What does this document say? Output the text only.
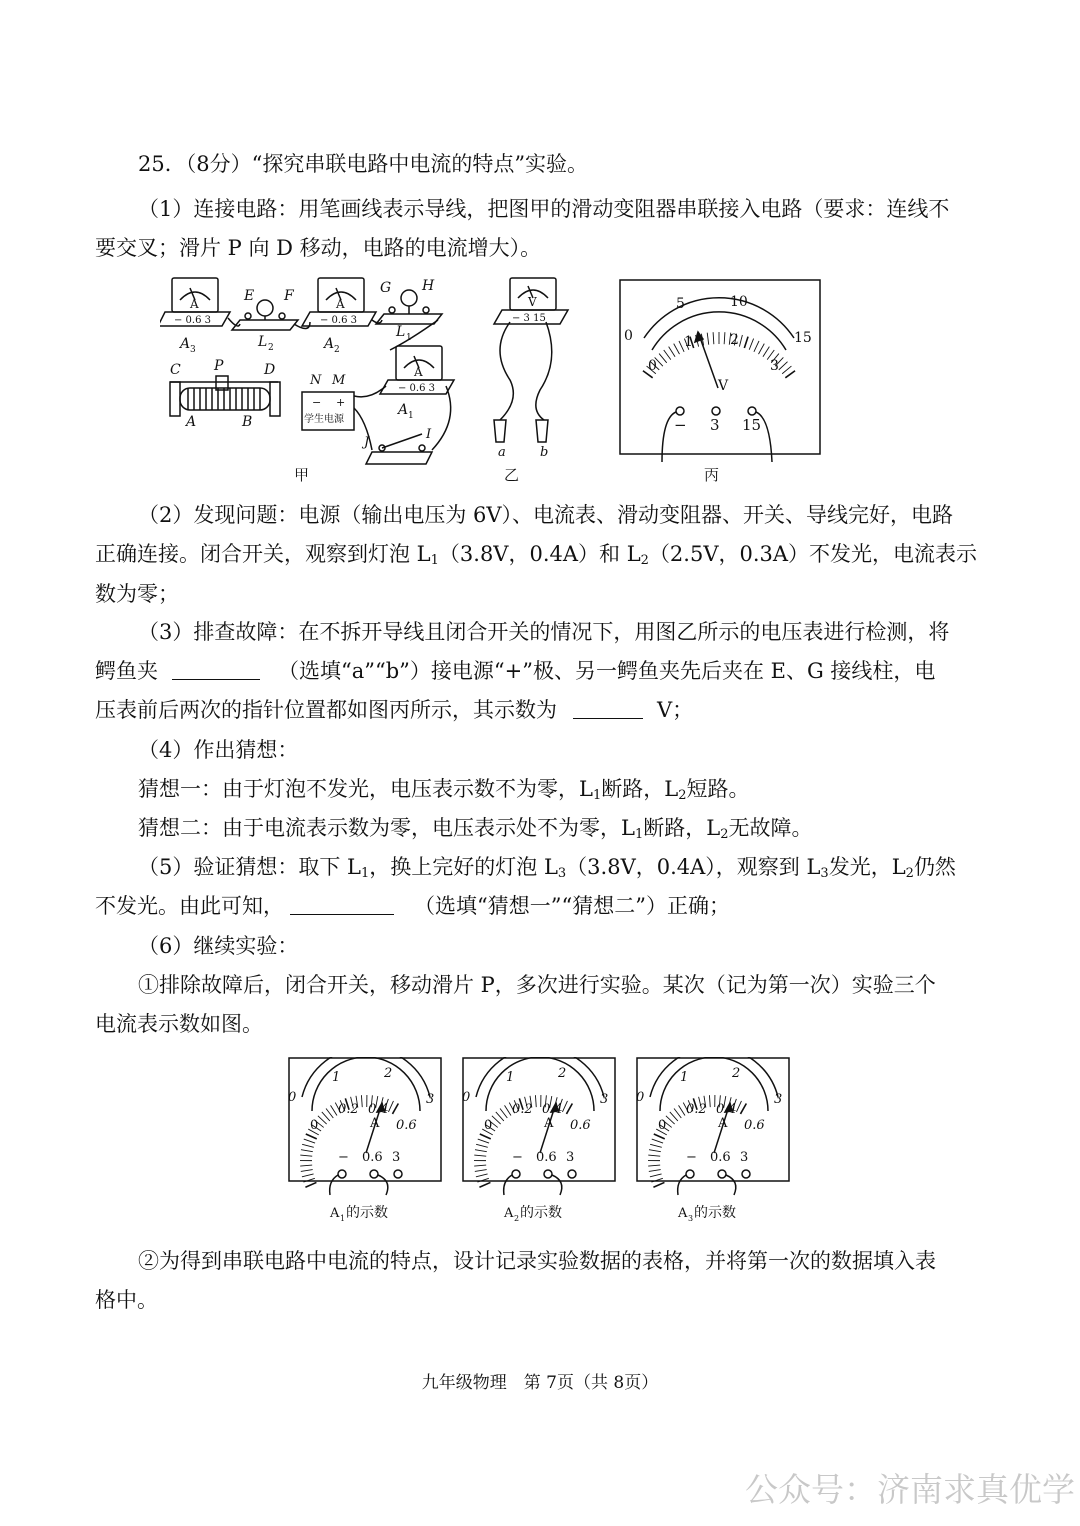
25．（8分）“探究串联电路中电流的特点”实验。
（1）连接电路：用笔画线表示导线，把图甲的滑动变阻器串联接入电路（要求：连线不
要交叉；滑片 P 向 D 移动，电路的电流增大）。
（2）发现问题：电源（输出电压为 6V）、电流表、滑动变阻器、开关、导线完好，电路
正确连接。闭合开关，观察到灯泡 $L_1(3.8V$，0.4A）和 $L_2(2.5V$，0.3A）不发光，电流表示
数为零；
（3）排查故障：在不拆开导线且闭合开关的情况下，用图乙所示的电压表进行检测，将
鳄鱼夹	（选填“a”“b”）接电源“+”极、另一鳄鱼夹先后夹在 E、G 接线柱，电
压表前后两次的指针位置都如图丙所示，其示数为	V；
（4）作出猜想：
猜想一：由于灯泡不发光，电压表示数不为零，$L_1$断路，$L_2$短路。
猜想二：由于电流表示数为零，电压表示处不为零，$L_1$断路，$L_2$无故障。
（5）验证猜想：取下 $L_1$，换上完好的灯泡 $L_3(3.8V$，0.4A），观察到 $L_3$发光，$L_2$仍然
不发光。由此可知，	（选填“猜想一”“猜想二”）正确；
（6）继续实验：
①排除故障后，闭合开关，移动滑片 P，多次进行实验。某次（记为第一次）实验三个
电流表示数如图。
②为得到串联电路中电流的特点，设计记录实验数据的表格，并将第一次的数据填入表
格中。
A
− 0.6 3
A 3
E F
L 2
A
− 0.6 3
A 2
G H
L 1
A
− 0.6 3
A 1
C P	D
A	B
N M
− +
学生电源
J
I
甲
V
− 3 15
a	b
乙
0
5	10
15
0
1	2
3
V
− 3 15
丙
0
1	2
3
0
0.2 0.4
0.6
A
− 0.6 3
A 1 的示数
0
1	2
3
0
0.2 0.4
0.6
A
− 0.6 3
A 2 的示数
0
1	2
3
0
0.2 0.4
0.6
A
− 0.6 3
A 3 的示数
九年级物理　第 7页（共 8页）
公众号：济南求真优学
